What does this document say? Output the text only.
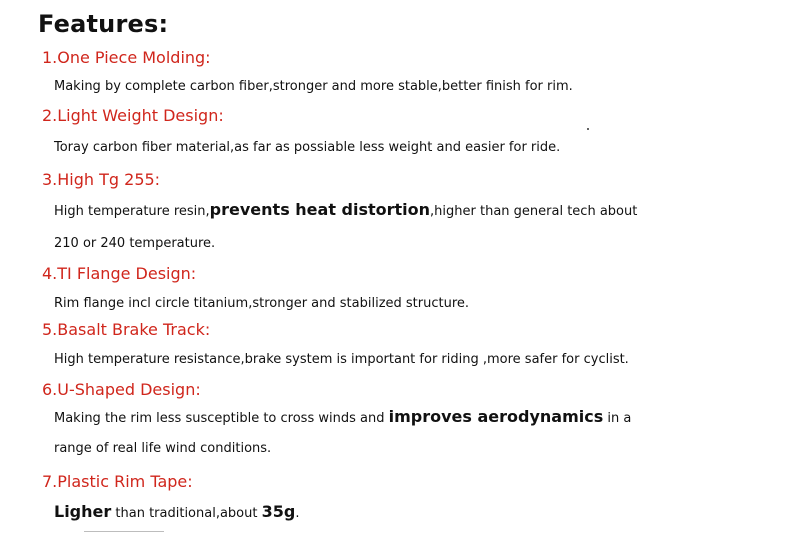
Features:
1.One Piece Molding:
Making by complete carbon fiber,stronger and more stable,better finish for rim.
2.Light Weight Design:
Toray carbon fiber material,as far as possiable less weight and easier for ride.
3.High Tg 255:
High temperature resin,prevents heat distortion,higher than general tech about
210 or 240 temperature.
4.TI Flange Design:
Rim flange incl circle titanium,stronger and stabilized structure.
5.Basalt Brake Track:
High temperature resistance,brake system is important for riding ,more safer for cyclist.
6.U-Shaped Design:
Making the rim less susceptible to cross winds and improves aerodynamics in a
range of real life wind conditions.
7.Plastic Rim Tape:
Ligher than traditional,about 35g.
